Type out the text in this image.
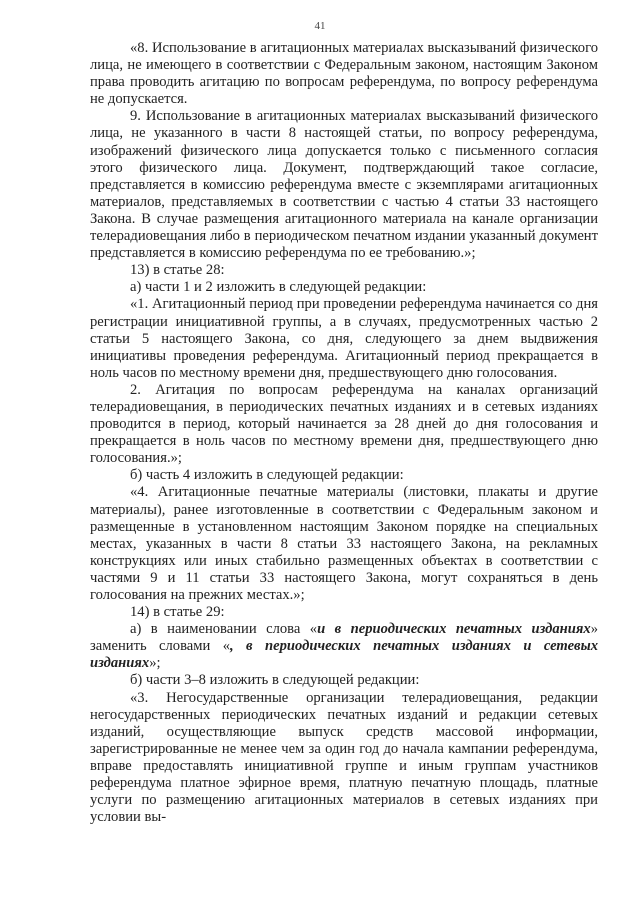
41

«8. Использование в агитационных материалах высказываний физического лица, не имеющего в соответствии с Федеральным законом, настоящим Законом права проводить агитацию по вопросам референдума, по вопросу референдума не допускается.

9. Использование в агитационных материалах высказываний физического лица, не указанного в части 8 настоящей статьи, по вопросу референдума, изображений физического лица допускается только с письменного согласия этого физического лица. Документ, подтверждающий такое согласие, представляется в комиссию референдума вместе с экземплярами агитационных материалов, представляемых в соответствии с частью 4 статьи 33 настоящего Закона. В случае размещения агитационного материала на канале организации телерадиовещания либо в периодическом печатном издании указанный документ представляется в комиссию референдума по ее требованию.»;

13) в статье 28:

а) части 1 и 2 изложить в следующей редакции:

«1. Агитационный период при проведении референдума начинается со дня регистрации инициативной группы, а в случаях, предусмотренных частью 2 статьи 5 настоящего Закона, со дня, следующего за днем выдвижения инициативы проведения референдума. Агитационный период прекращается в ноль часов по местному времени дня, предшествующего дню голосования.

2. Агитация по вопросам референдума на каналах организаций телерадиовещания, в периодических печатных изданиях и в сетевых изданиях проводится в период, который начинается за 28 дней до дня голосования и прекращается в ноль часов по местному времени дня, предшествующего дню голосования.»;

б) часть 4 изложить в следующей редакции:

«4. Агитационные печатные материалы (листовки, плакаты и другие материалы), ранее изготовленные в соответствии с Федеральным законом и размещенные в установленном настоящим Законом порядке на специальных местах, указанных в части 8 статьи 33 настоящего Закона, на рекламных конструкциях или иных стабильно размещенных объектах в соответствии с частями 9 и 11 статьи 33 настоящего Закона, могут сохраняться в день голосования на прежних местах.»;

14) в статье 29:

а) в наименовании слова «и в периодических печатных изданиях» заменить словами «, в периодических печатных изданиях и сетевых изданиях»;

б) части 3–8 изложить в следующей редакции:

«3. Негосударственные организации телерадиовещания, редакции негосударственных периодических печатных изданий и редакции сетевых изданий, осуществляющие выпуск средств массовой информации, зарегистрированные не менее чем за один год до начала кампании референдума, вправе предоставлять инициативной группе и иным группам участников референдума платное эфирное время, платную печатную площадь, платные услуги по размещению агитационных материалов в сетевых изданиях при условии вы-
